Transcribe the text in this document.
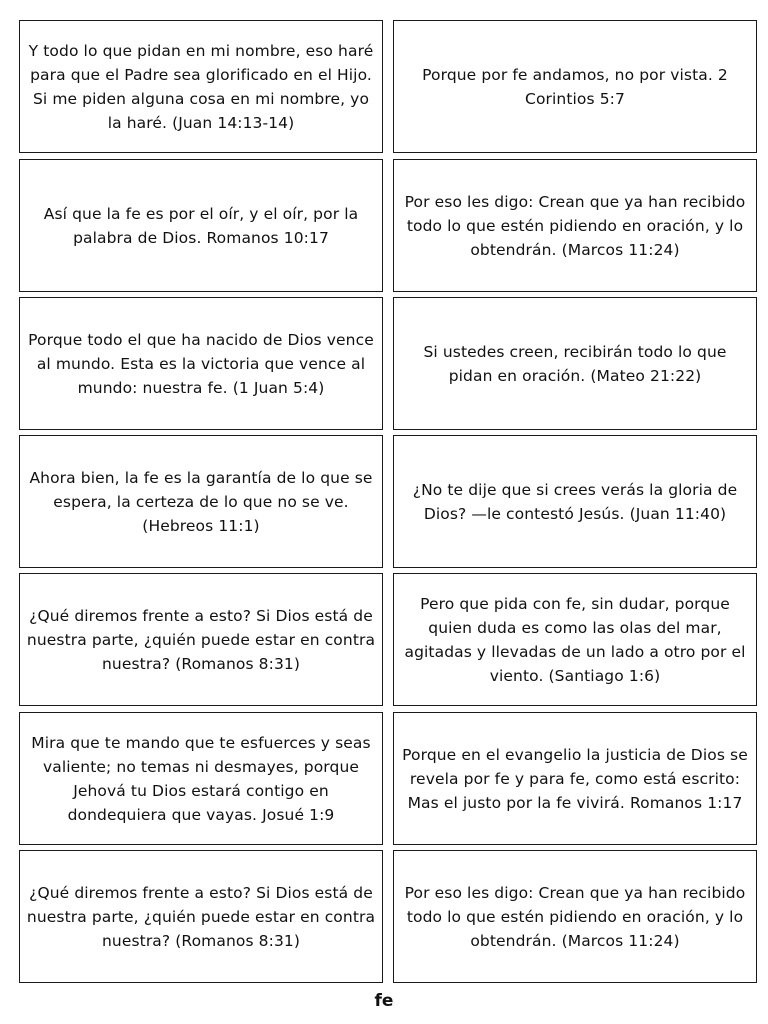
Y todo lo que pidan en mi nombre, eso haré para que el Padre sea glorificado en el Hijo. Si me piden alguna cosa en mi nombre, yo la haré. (Juan 14:13-14)
Porque por fe andamos, no por vista. 2 Corintios 5:7
Así que la fe es por el oír, y el oír, por la palabra de Dios. Romanos 10:17
Por eso les digo: Crean que ya han recibido todo lo que estén pidiendo en oración, y lo obtendrán. (Marcos 11:24)
Porque todo el que ha nacido de Dios vence al mundo. Esta es la victoria que vence al mundo: nuestra fe. (1 Juan 5:4)
Si ustedes creen, recibirán todo lo que pidan en oración. (Mateo 21:22)
Ahora bien, la fe es la garantía de lo que se espera, la certeza de lo que no se ve. (Hebreos 11:1)
¿No te dije que si crees verás la gloria de Dios? —le contestó Jesús. (Juan 11:40)
¿Qué diremos frente a esto? Si Dios está de nuestra parte, ¿quién puede estar en contra nuestra? (Romanos 8:31)
Pero que pida con fe, sin dudar, porque quien duda es como las olas del mar, agitadas y llevadas de un lado a otro por el viento. (Santiago 1:6)
Mira que te mando que te esfuerces y seas valiente; no temas ni desmayes, porque Jehová tu Dios estará contigo en dondequiera que vayas. Josué 1:9
Porque en el evangelio la justicia de Dios se revela por fe y para fe, como está escrito: Mas el justo por la fe vivirá. Romanos 1:17
¿Qué diremos frente a esto? Si Dios está de nuestra parte, ¿quién puede estar en contra nuestra? (Romanos 8:31)
Por eso les digo: Crean que ya han recibido todo lo que estén pidiendo en oración, y lo obtendrán. (Marcos 11:24)
fe
